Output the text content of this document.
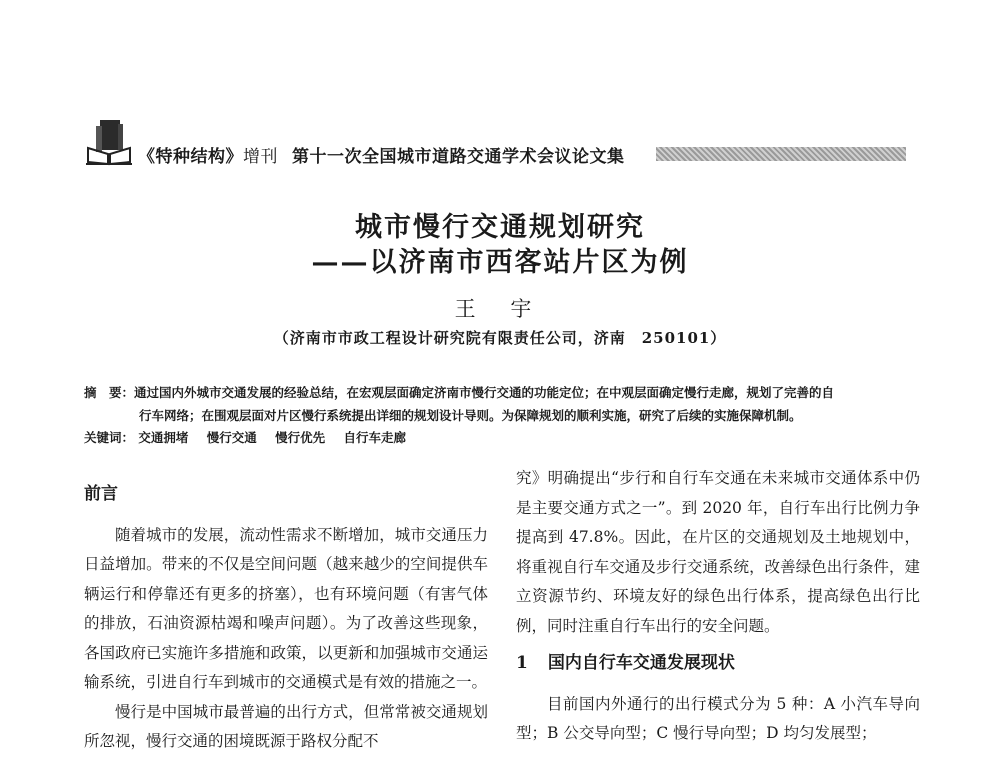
《特种结构》增刊 第十一次全国城市道路交通学术会议论文集
城市慢行交通规划研究
——以济南市西客站片区为例
王 宇
（济南市市政工程设计研究院有限责任公司，济南　250101）
摘　要：通过国内外城市交通发展的经验总结，在宏观层面确定济南市慢行交通的功能定位；在中观层面确定慢行走廊，规划了完善的自
行车网络；在围观层面对片区慢行系统提出详细的规划设计导则。为保障规划的顺利实施，研究了后续的实施保障机制。
关键词： 交通拥堵 慢行交通 慢行优先 自行车走廊
前言

随着城市的发展，流动性需求不断增加，城市交通压力日益增加。带来的不仅是空间问题（越来越少的空间提供车辆运行和停靠还有更多的挤塞），也有环境问题（有害气体的排放，石油资源枯竭和噪声问题）。为了改善这些现象，各国政府已实施许多措施和政策，以更新和加强城市交通运输系统，引进自行车到城市的交通模式是有效的措施之一。

慢行是中国城市最普遍的出行方式，但常常被交通规划所忽视，慢行交通的困境既源于路权分配不

究》明确提出“步行和自行车交通在未来城市交通体系中仍是主要交通方式之一”。到 2020 年，自行车出行比例力争提高到 47.8%。因此，在片区的交通规划及土地规划中，将重视自行车交通及步行交通系统，改善绿色出行条件，建立资源节约、环境友好的绿色出行体系，提高绿色出行比例，同时注重自行车出行的安全问题。

1 国内自行车交通发展现状

目前国内外通行的出行模式分为 5 种：A 小汽车导向型；B 公交导向型；C 慢行导向型；D 均匀发展型；
